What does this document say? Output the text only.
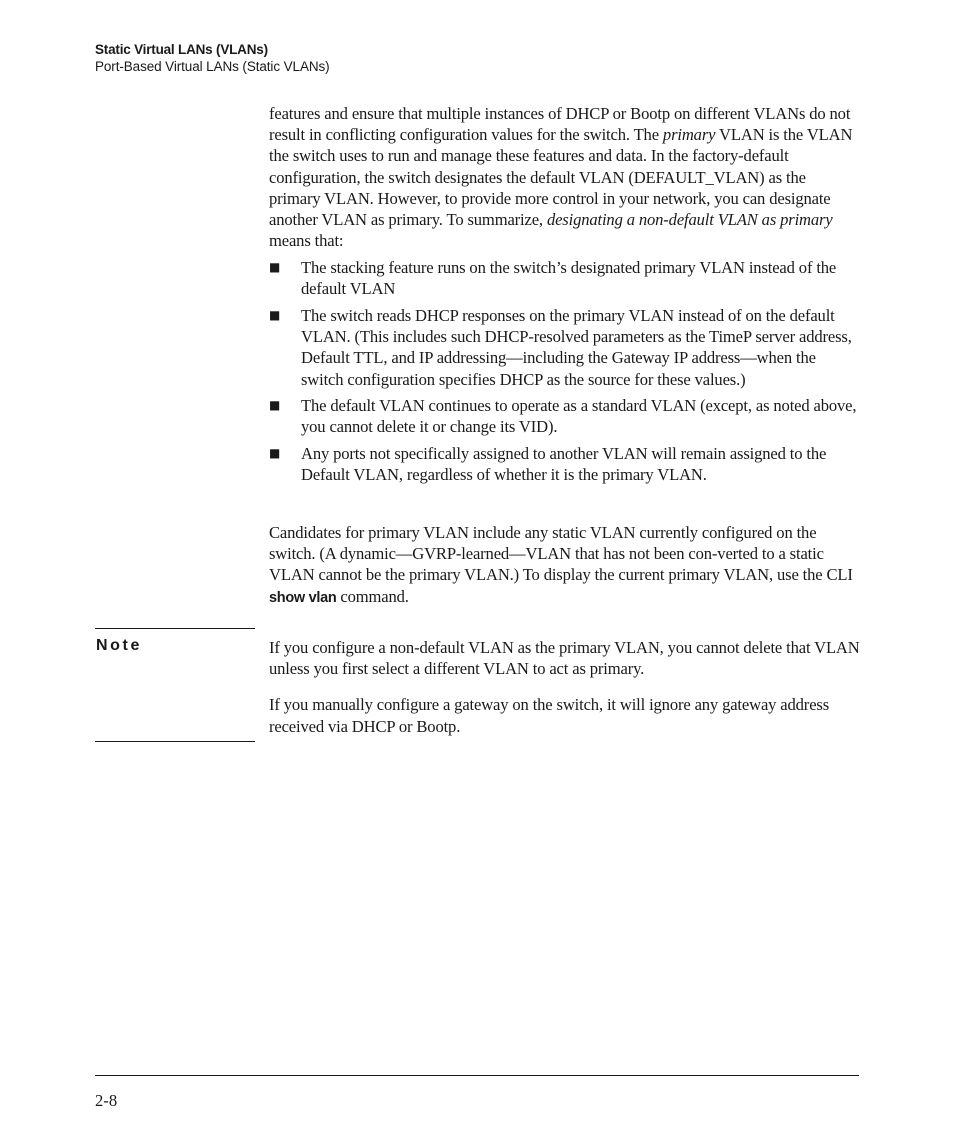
Static Virtual LANs (VLANs)
Port-Based Virtual LANs (Static VLANs)

features and ensure that multiple instances of DHCP or Bootp on different VLANs do not result in conflicting configuration values for the switch. The primary VLAN is the VLAN the switch uses to run and manage these features and data. In the factory-default configuration, the switch designates the default VLAN (DEFAULT_VLAN) as the primary VLAN. However, to provide more control in your network, you can designate another VLAN as primary. To summarize, designating a non-default VLAN as primary means that:

■ The stacking feature runs on the switch’s designated primary VLAN instead of the default VLAN
■ The switch reads DHCP responses on the primary VLAN instead of on the default VLAN. (This includes such DHCP-resolved parameters as the TimeP server address, Default TTL, and IP addressing—including the Gateway IP address—when the switch configuration specifies DHCP as the source for these values.)
■ The default VLAN continues to operate as a standard VLAN (except, as noted above, you cannot delete it or change its VID).
■ Any ports not specifically assigned to another VLAN will remain assigned to the Default VLAN, regardless of whether it is the primary VLAN.

Candidates for primary VLAN include any static VLAN currently configured on the switch. (A dynamic—GVRP-learned—VLAN that has not been con-verted to a static VLAN cannot be the primary VLAN.) To display the current primary VLAN, use the CLI show vlan command.

Note	If you configure a non-default VLAN as the primary VLAN, you cannot delete that VLAN unless you first select a different VLAN to act as primary.

If you manually configure a gateway on the switch, it will ignore any gateway address received via DHCP or Bootp.

2-8
